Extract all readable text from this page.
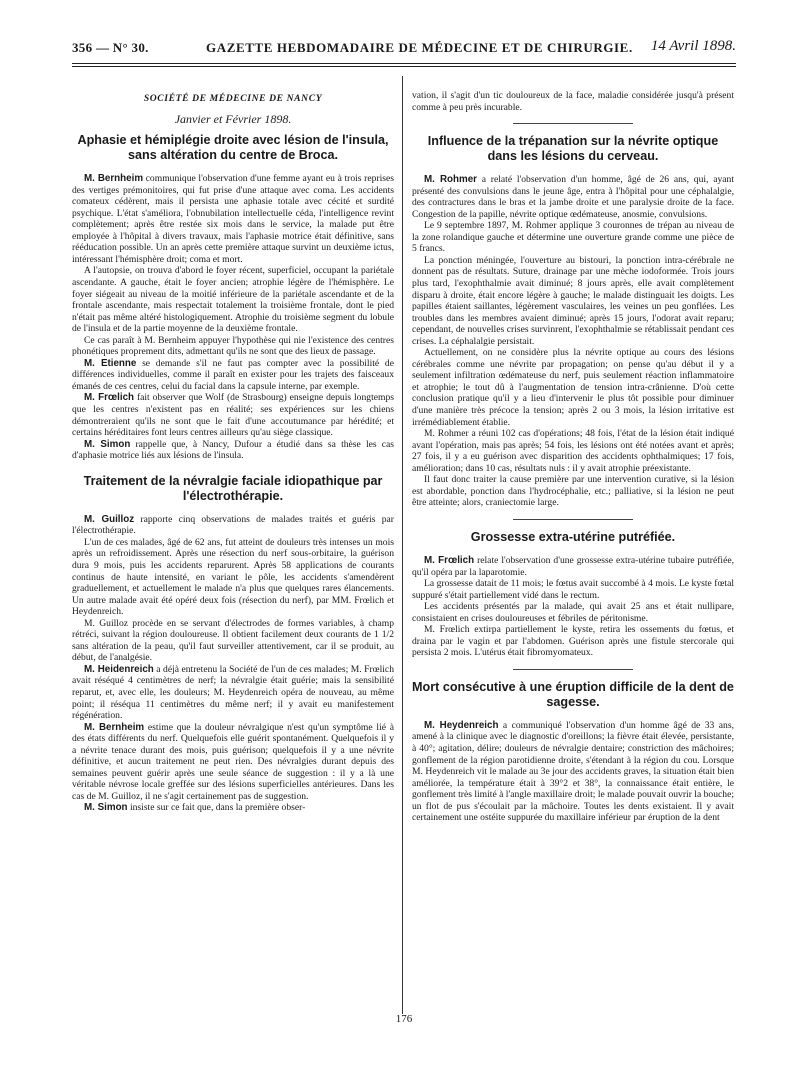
356 — N° 30.	GAZETTE HEBDOMADAIRE DE MÉDECINE ET DE CHIRURGIE. 14 Avril 1898.
SOCIÉTÉ DE MÉDECINE DE NANCY
Janvier et Février 1898.
Aphasie et hémiplégie droite avec lésion de l'insula, sans altération du centre de Broca.

M. Bernheim communique l'observation d'une femme ayant eu à trois reprises des vertiges prémonitoires, qui fut prise d'une attaque avec coma. Les accidents comateux cédèrent, mais il persista une aphasie totale avec cécité et surdité psychique. L'état s'améliora, l'obnubilation intellectuelle céda, l'intelligence revint complètement; après être restée six mois dans le service, la malade put être employée à l'hôpital à divers travaux, mais l'aphasie motrice était définitive, sans rééducation possible. Un an après cette première attaque survint un deuxième ictus, intéressant l'hémisphère droit; coma et mort.

A l'autopsie, on trouva d'abord le foyer récent, superficiel, occupant la pariétale ascendante. A gauche, était le foyer ancien; atrophie légère de l'hémisphère. Le foyer siégeait au niveau de la moitié inférieure de la pariétale ascendante et de la frontale ascendante, mais respectait totalement la troisième frontale, dont le pied n'était pas même altéré histologiquement. Atrophie du troisième segment du lobule de l'insula et de la partie moyenne de la deuxième frontale.

Ce cas paraît à M. Bernheim appuyer l'hypothèse qui nie l'existence des centres phonétiques proprement dits, admettant qu'ils ne sont que des lieux de passage.

M. Etienne se demande s'il ne faut pas compter avec la possibilité de différences individuelles, comme il paraît en exister pour les trajets des faisceaux émanés de ces centres, celui du facial dans la capsule interne, par exemple.

M. Frœlich fait observer que Wolf (de Strasbourg) enseigne depuis longtemps que les centres n'existent pas en réalité; ses expériences sur les chiens démontreraient qu'ils ne sont que le fait d'une accoutumance par hérédité; et certains héréditaires font leurs centres ailleurs qu'au siège classique.

M. Simon rappelle que, à Nancy, Dufour a étudié dans sa thèse les cas d'aphasie motrice liés aux lésions de l'insula.

Traitement de la névralgie faciale idiopathique par l'électrothérapie.

M. Guilloz rapporte cinq observations de malades traités et guéris par l'électrothérapie.

L'un de ces malades, âgé de 62 ans, fut atteint de douleurs très intenses un mois après un refroidissement. Après une résection du nerf sous-orbitaire, la guérison dura 9 mois, puis les accidents reparurent. Après 58 applications de courants continus de haute intensité, en variant le pôle, les accidents s'amendèrent graduellement, et actuellement le malade n'a plus que quelques rares élancements. Un autre malade avait été opéré deux fois (résection du nerf), par MM. Frœlich et Heydenreich.

M. Guilloz procède en se servant d'électrodes de formes variables, à champ rétréci, suivant la région douloureuse. Il obtient facilement deux courants de 1 1/2 sans altération de la peau, qu'il faut surveiller attentivement, car il se produit, au début, de l'analgésie.

M. Heidenreich a déjà entretenu la Société de l'un de ces malades; M. Frœlich avait réséqué 4 centimètres de nerf; la névralgie était guérie; mais la sensibilité reparut, et, avec elle, les douleurs; M. Heydenreich opéra de nouveau, au même point; il réséqua 11 centimètres du même nerf; il y avait eu manifestement régénération.

M. Bernheim estime que la douleur névralgique n'est qu'un symptôme lié à des états différents du nerf. Quelquefois elle guérit spontanément. Quelquefois il y a névrite tenace durant des mois, puis guérison; quelquefois il y a une névrite définitive, et aucun traitement ne peut rien. Des névralgies durant depuis des semaines peuvent guérir après une seule séance de suggestion : il y a là une véritable névrose locale greffée sur des lésions superficielles antérieures. Dans les cas de M. Guilloz, il ne s'agit certainement pas de suggestion.

M. Simon insiste sur ce fait que, dans la première obser-

vation, il s'agit d'un tic douloureux de la face, maladie considérée jusqu'à présent comme à peu près incurable.

Influence de la trépanation sur la névrite optique dans les lésions du cerveau.

M. Rohmer a relaté l'observation d'un homme, âgé de 26 ans, qui, ayant présenté des convulsions dans le jeune âge, entra à l'hôpital pour une céphalalgie, des contractures dans le bras et la jambe droite et une paralysie droite de la face. Congestion de la papille, névrite optique œdémateuse, anosmie, convulsions.

Le 9 septembre 1897, M. Rohmer applique 3 couronnes de trépan au niveau de la zone rolandique gauche et détermine une ouverture grande comme une pièce de 5 francs.

La ponction méningée, l'ouverture au bistouri, la ponction intra-cérébrale ne donnent pas de résultats. Suture, drainage par une mèche iodoformée. Trois jours plus tard, l'exophthalmie avait diminué; 8 jours après, elle avait complètement disparu à droite, était encore légère à gauche; le malade distinguait les doigts. Les papilles étaient saillantes, légèrement vasculaires, les veines un peu gonflées. Les troubles dans les membres avaient diminué; après 15 jours, l'odorat avait reparu; cependant, de nouvelles crises survinrent, l'exophthalmie se rétablissait pendant ces crises. La céphalalgie persistait.

Actuellement, on ne considère plus la névrite optique au cours des lésions cérébrales comme une névrite par propagation; on pense qu'au début il y a seulement infiltration œdémateuse du nerf, puis seulement réaction inflammatoire et atrophie; le tout dû à l'augmentation de tension intra-crânienne. D'où cette conclusion pratique qu'il y a lieu d'intervenir le plus tôt possible pour diminuer d'une manière très précoce la tension; après 2 ou 3 mois, la lésion irritative est irrémédiablement établie.

M. Rohmer a réuni 102 cas d'opérations; 48 fois, l'état de la lésion était indiqué avant l'opération, mais pas après; 54 fois, les lésions ont été notées avant et après; 27 fois, il y a eu guérison avec disparition des accidents ophthalmiques; 17 fois, amélioration; dans 10 cas, résultats nuls : il y avait atrophie préexistante.

Il faut donc traiter la cause première par une intervention curative, si la lésion est abordable, ponction dans l'hydrocéphalie, etc.; palliative, si la lésion ne peut être atteinte; alors, craniectomie large.

Grossesse extra-utérine putréfiée.

M. Frœlich relate l'observation d'une grossesse extra-utérine tubaire putréfiée, qu'il opéra par la laparotomie.

La grossesse datait de 11 mois; le fœtus avait succombé à 4 mois. Le kyste fœtal suppuré s'était partiellement vidé dans le rectum.

Les accidents présentés par la malade, qui avait 25 ans et était nullipare, consistaient en crises douloureuses et fébriles de péritonisme.

M. Frœlich extirpa partiellement le kyste, retira les ossements du fœtus, et draina par le vagin et par l'abdomen. Guérison après une fistule stercorale qui persista 2 mois. L'utérus était fibromyomateux.

Mort consécutive à une éruption difficile de la dent de sagesse.

M. Heydenreich a communiqué l'observation d'un homme âgé de 33 ans, amené à la clinique avec le diagnostic d'oreillons; la fièvre était élevée, persistante, à 40°; agitation, délire; douleurs de névralgie dentaire; constriction des mâchoires; gonflement de la région parotidienne droite, s'étendant à la région du cou. Lorsque M. Heydenreich vit le malade au 3e jour des accidents graves, la situation était bien améliorée, la température était à 39°2 et 38°, la connaissance était entière, le gonflement très limité à l'angle maxillaire droit; le malade pouvait ouvrir la bouche; un flot de pus s'écoulait par la mâchoire. Toutes les dents existaient. Il y avait certainement une ostéite suppurée du maxillaire inférieur par éruption de la dent

176
